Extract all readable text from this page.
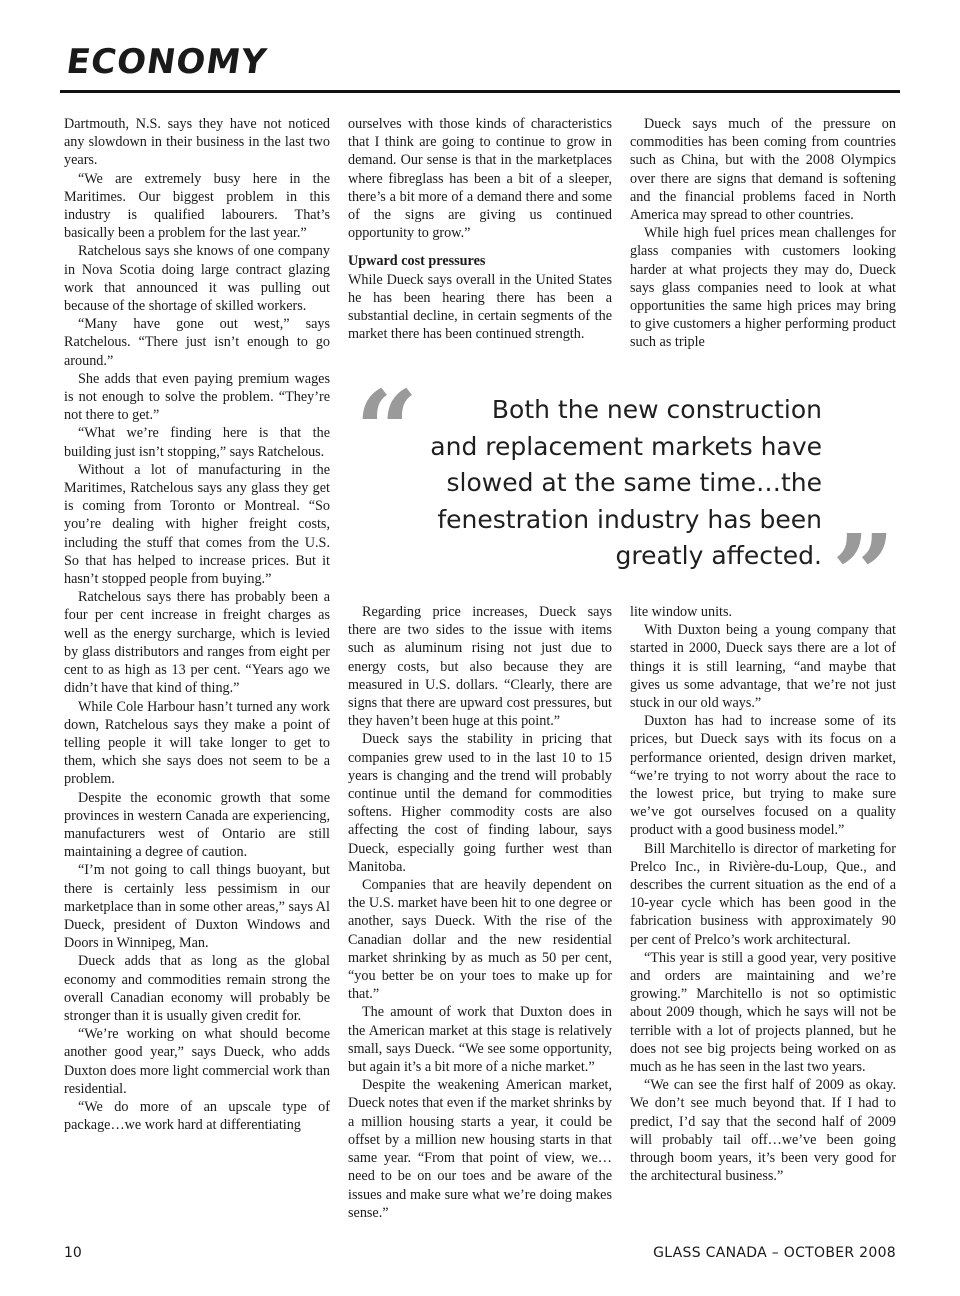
ECONOMY

Dartmouth, N.S. says they have not noticed any slowdown in their business in the last two years.

“We are extremely busy here in the Maritimes. Our biggest problem in this industry is qualified labourers. That’s basically been a problem for the last year.”

Ratchelous says she knows of one company in Nova Scotia doing large contract glazing work that announced it was pulling out because of the shortage of skilled workers.

“Many have gone out west,” says Ratchelous. “There just isn’t enough to go around.”

She adds that even paying premium wages is not enough to solve the problem. “They’re not there to get.”

“What we’re finding here is that the building just isn’t stopping,” says Ratchelous.

Without a lot of manufacturing in the Maritimes, Ratchelous says any glass they get is coming from Toronto or Montreal. “So you’re dealing with higher freight costs, including the stuff that comes from the U.S. So that has helped to increase prices. But it hasn’t stopped people from buying.”

Ratchelous says there has probably been a four per cent increase in freight charges as well as the energy surcharge, which is levied by glass distributors and ranges from eight per cent to as high as 13 per cent. “Years ago we didn’t have that kind of thing.”

While Cole Harbour hasn’t turned any work down, Ratchelous says they make a point of telling people it will take longer to get to them, which she says does not seem to be a problem.

Despite the economic growth that some provinces in western Canada are experiencing, manufacturers west of Ontario are still maintaining a degree of caution.

“I’m not going to call things buoyant, but there is certainly less pessimism in our marketplace than in some other areas,” says Al Dueck, president of Duxton Windows and Doors in Winnipeg, Man.

Dueck adds that as long as the global economy and commodities remain strong the overall Canadian economy will probably be stronger than it is usually given credit for.

“We’re working on what should become another good year,” says Dueck, who adds Duxton does more light commercial work than residential.

“We do more of an upscale type of package…we work hard at differentiating

ourselves with those kinds of characteristics that I think are going to continue to grow in demand. Our sense is that in the marketplaces where fibreglass has been a bit of a sleeper, there’s a bit more of a demand there and some of the signs are giving us continued opportunity to grow.”

Upward cost pressures

While Dueck says overall in the United States he has been hearing there has been a substantial decline, in certain segments of the market there has been continued strength.

Dueck says much of the pressure on commodities has been coming from countries such as China, but with the 2008 Olympics over there are signs that demand is softening and the financial problems faced in North America may spread to other countries.

While high fuel prices mean challenges for glass companies with customers looking harder at what projects they may do, Dueck says glass companies need to look at what opportunities the same high prices may bring to give customers a higher performing product such as triple

“	Both the new construction
and replacement markets have
slowed at the same time…the
fenestration industry has been
greatly affected. ”

Regarding price increases, Dueck says there are two sides to the issue with items such as aluminum rising not just due to energy costs, but also because they are measured in U.S. dollars. “Clearly, there are signs that there are upward cost pressures, but they haven’t been huge at this point.”

Dueck says the stability in pricing that companies grew used to in the last 10 to 15 years is changing and the trend will probably continue until the demand for commodities softens. Higher commodity costs are also affecting the cost of finding labour, says Dueck, especially going further west than Manitoba.

Companies that are heavily dependent on the U.S. market have been hit to one degree or another, says Dueck. With the rise of the Canadian dollar and the new residential market shrinking by as much as 50 per cent, “you better be on your toes to make up for that.”

The amount of work that Duxton does in the American market at this stage is relatively small, says Dueck. “We see some opportunity, but again it’s a bit more of a niche market.”

Despite the weakening American market, Dueck notes that even if the market shrinks by a million housing starts a year, it could be offset by a million new housing starts in that same year. “From that point of view, we…need to be on our toes and be aware of the issues and make sure what we’re doing makes sense.”

lite window units.

With Duxton being a young company that started in 2000, Dueck says there are a lot of things it is still learning, “and maybe that gives us some advantage, that we’re not just stuck in our old ways.”

Duxton has had to increase some of its prices, but Dueck says with its focus on a performance oriented, design driven market, “we’re trying to not worry about the race to the lowest price, but trying to make sure we’ve got ourselves focused on a quality product with a good business model.”

Bill Marchitello is director of marketing for Prelco Inc., in Rivière-du-Loup, Que., and describes the current situation as the end of a 10-year cycle which has been good in the fabrication business with approximately 90 per cent of Prelco’s work architectural.

“This year is still a good year, very positive and orders are maintaining and we’re growing.” Marchitello is not so optimistic about 2009 though, which he says will not be terrible with a lot of projects planned, but he does not see big projects being worked on as much as he has seen in the last two years.

“We can see the first half of 2009 as okay. We don’t see much beyond that. If I had to predict, I’d say that the second half of 2009 will probably tail off…we’ve been going through boom years, it’s been very good for the architectural business.”

10	GLASS CANADA – OCTOBER 2008
